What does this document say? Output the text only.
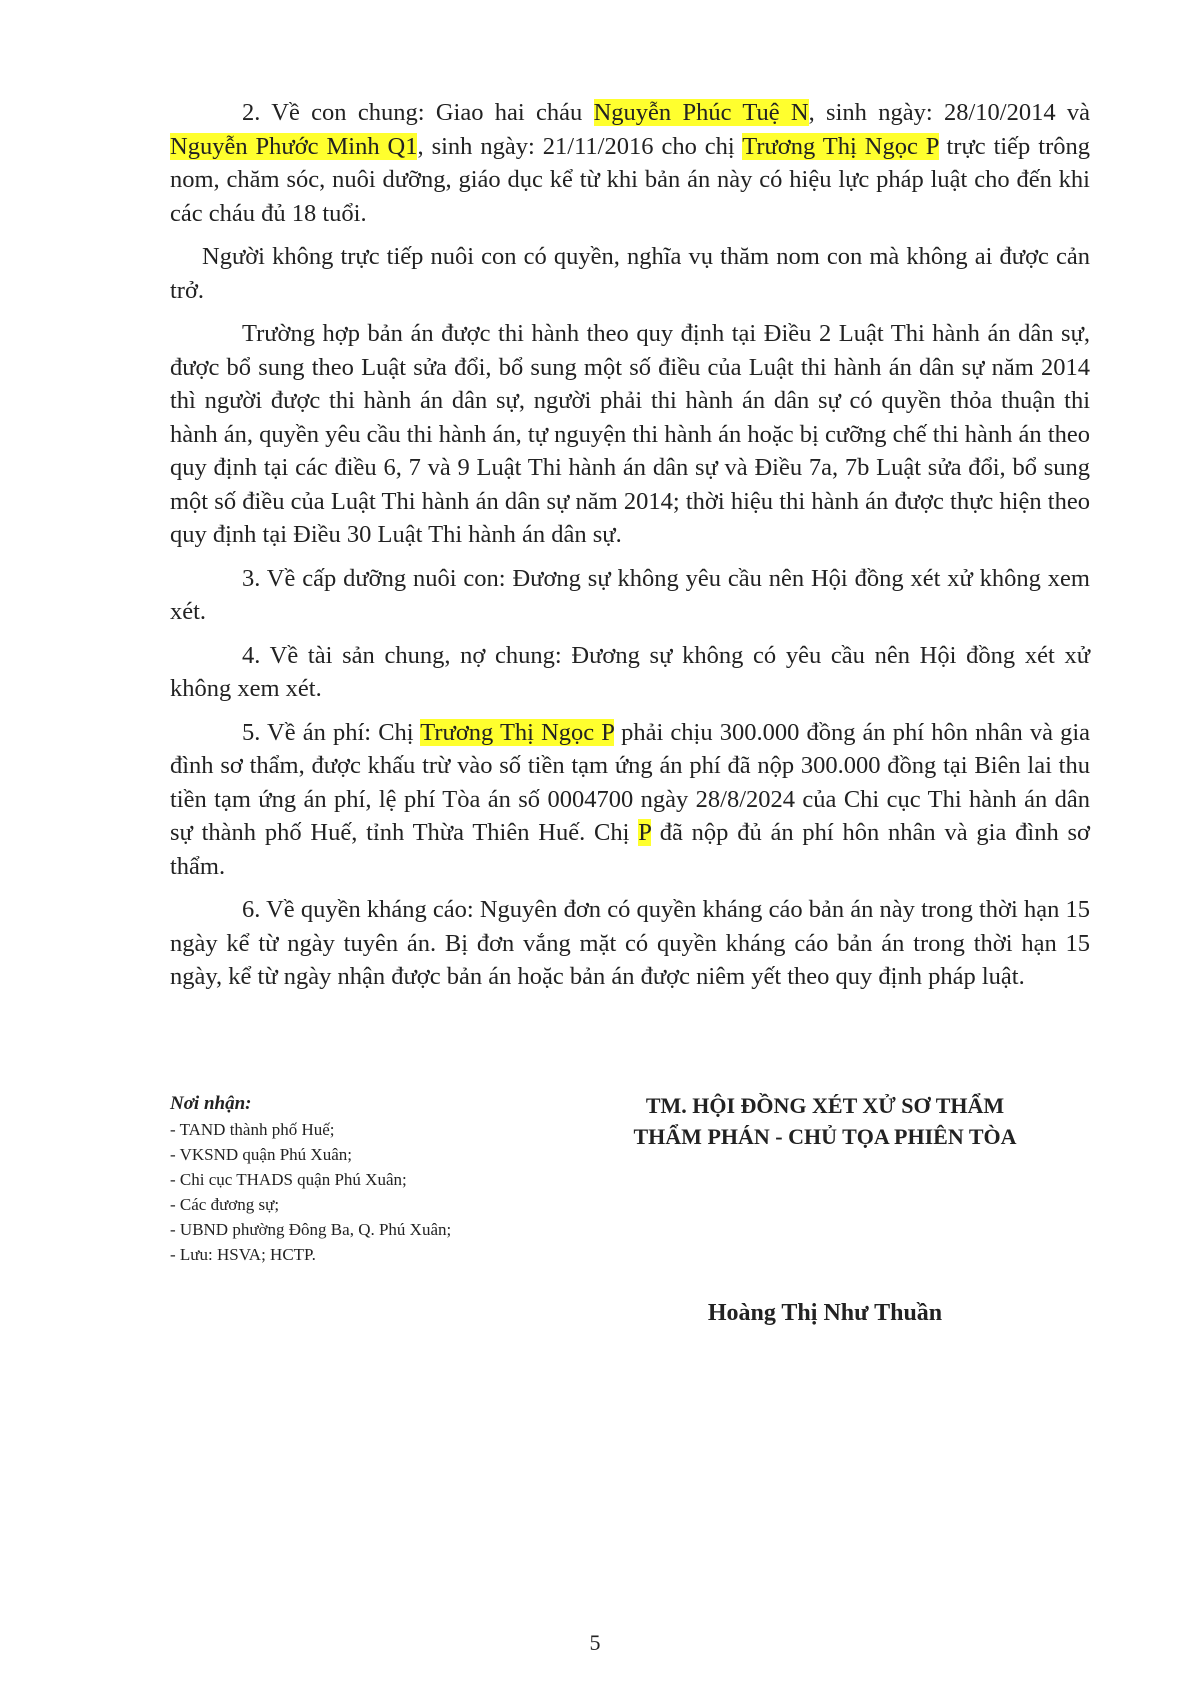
2. Về con chung: Giao hai cháu Nguyễn Phúc Tuệ N, sinh ngày: 28/10/2014 và Nguyễn Phước Minh Q1, sinh ngày: 21/11/2016 cho chị Trương Thị Ngọc P trực tiếp trông nom, chăm sóc, nuôi dưỡng, giáo dục kể từ khi bản án này có hiệu lực pháp luật cho đến khi các cháu đủ 18 tuổi.

Người không trực tiếp nuôi con có quyền, nghĩa vụ thăm nom con mà không ai được cản trở.

Trường hợp bản án được thi hành theo quy định tại Điều 2 Luật Thi hành án dân sự, được bổ sung theo Luật sửa đổi, bổ sung một số điều của Luật thi hành án dân sự năm 2014 thì người được thi hành án dân sự, người phải thi hành án dân sự có quyền thỏa thuận thi hành án, quyền yêu cầu thi hành án, tự nguyện thi hành án hoặc bị cưỡng chế thi hành án theo quy định tại các điều 6, 7 và 9 Luật Thi hành án dân sự và Điều 7a, 7b Luật sửa đổi, bổ sung một số điều của Luật Thi hành án dân sự năm 2014; thời hiệu thi hành án được thực hiện theo quy định tại Điều 30 Luật Thi hành án dân sự.

3. Về cấp dưỡng nuôi con: Đương sự không yêu cầu nên Hội đồng xét xử không xem xét.

4. Về tài sản chung, nợ chung: Đương sự không có yêu cầu nên Hội đồng xét xử không xem xét.

5. Về án phí: Chị Trương Thị Ngọc P phải chịu 300.000 đồng án phí hôn nhân và gia đình sơ thẩm, được khấu trừ vào số tiền tạm ứng án phí đã nộp 300.000 đồng tại Biên lai thu tiền tạm ứng án phí, lệ phí Tòa án số 0004700 ngày 28/8/2024 của Chi cục Thi hành án dân sự thành phố Huế, tỉnh Thừa Thiên Huế. Chị P đã nộp đủ án phí hôn nhân và gia đình sơ thẩm.

6. Về quyền kháng cáo: Nguyên đơn có quyền kháng cáo bản án này trong thời hạn 15 ngày kể từ ngày tuyên án. Bị đơn vắng mặt có quyền kháng cáo bản án trong thời hạn 15 ngày, kể từ ngày nhận được bản án hoặc bản án được niêm yết theo quy định pháp luật.

Nơi nhận:
- TAND thành phố Huế;
- VKSND quận Phú Xuân;
- Chi cục THADS quận Phú Xuân;
- Các đương sự;
- UBND phường Đông Ba, Q. Phú Xuân;
- Lưu: HSVA; HCTP.
TM. HỘI ĐỒNG XÉT XỬ SƠ THẨM
THẨM PHÁN - CHỦ TỌA PHIÊN TÒA
Hoàng Thị Như Thuần
5
